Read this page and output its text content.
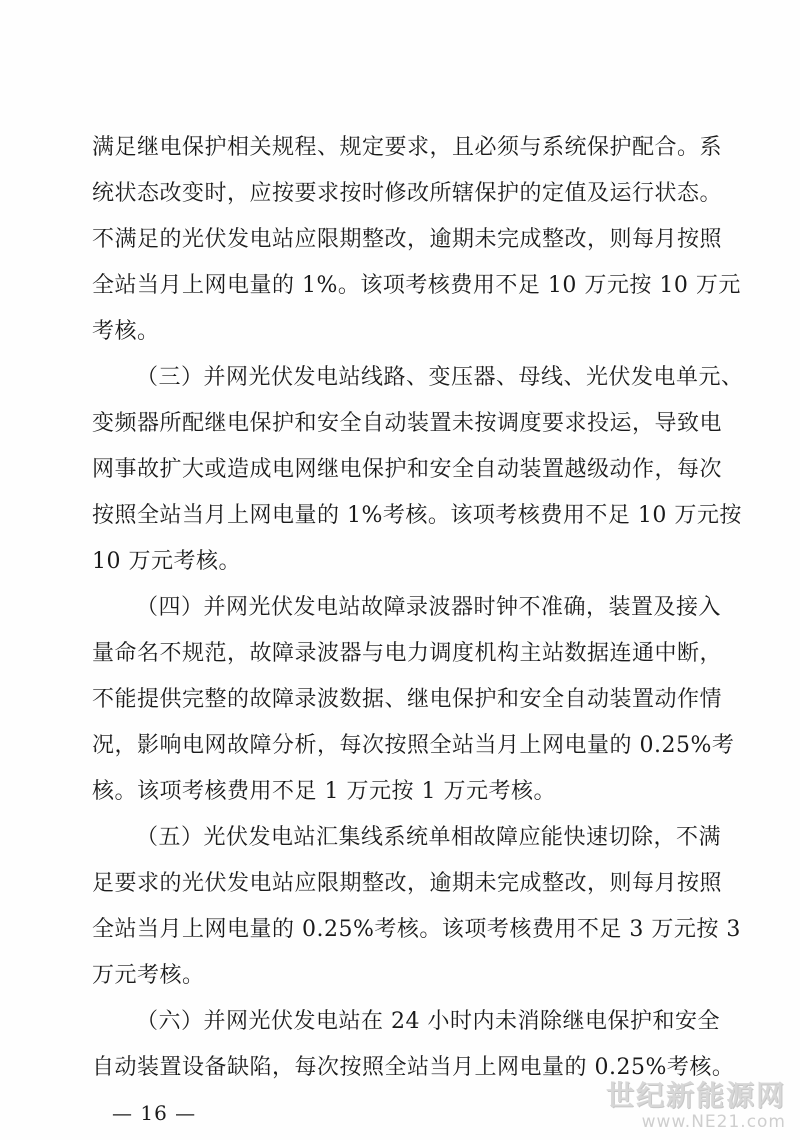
满足继电保护相关规程、规定要求，且必须与系统保护配合。系
统状态改变时，应按要求按时修改所辖保护的定值及运行状态。
不满足的光伏发电站应限期整改，逾期未完成整改，则每月按照
全站当月上网电量的 1%。该项考核费用不足 10 万元按 10 万元
考核。
（三）并网光伏发电站线路、变压器、母线、光伏发电单元、
变频器所配继电保护和安全自动装置未按调度要求投运，导致电
网事故扩大或造成电网继电保护和安全自动装置越级动作，每次
按照全站当月上网电量的 1%考核。该项考核费用不足 10 万元按
10 万元考核。
（四）并网光伏发电站故障录波器时钟不准确，装置及接入
量命名不规范，故障录波器与电力调度机构主站数据连通中断，
不能提供完整的故障录波数据、继电保护和安全自动装置动作情
况，影响电网故障分析，每次按照全站当月上网电量的 0.25%考
核。该项考核费用不足 1 万元按 1 万元考核。
（五）光伏发电站汇集线系统单相故障应能快速切除，不满
足要求的光伏发电站应限期整改，逾期未完成整改，则每月按照
全站当月上网电量的 0.25%考核。该项考核费用不足 3 万元按 3
万元考核。
（六）并网光伏发电站在 24 小时内未消除继电保护和安全
自动装置设备缺陷，每次按照全站当月上网电量的 0.25%考核。
— 16 —
世纪新能源网
www.NE21.com
